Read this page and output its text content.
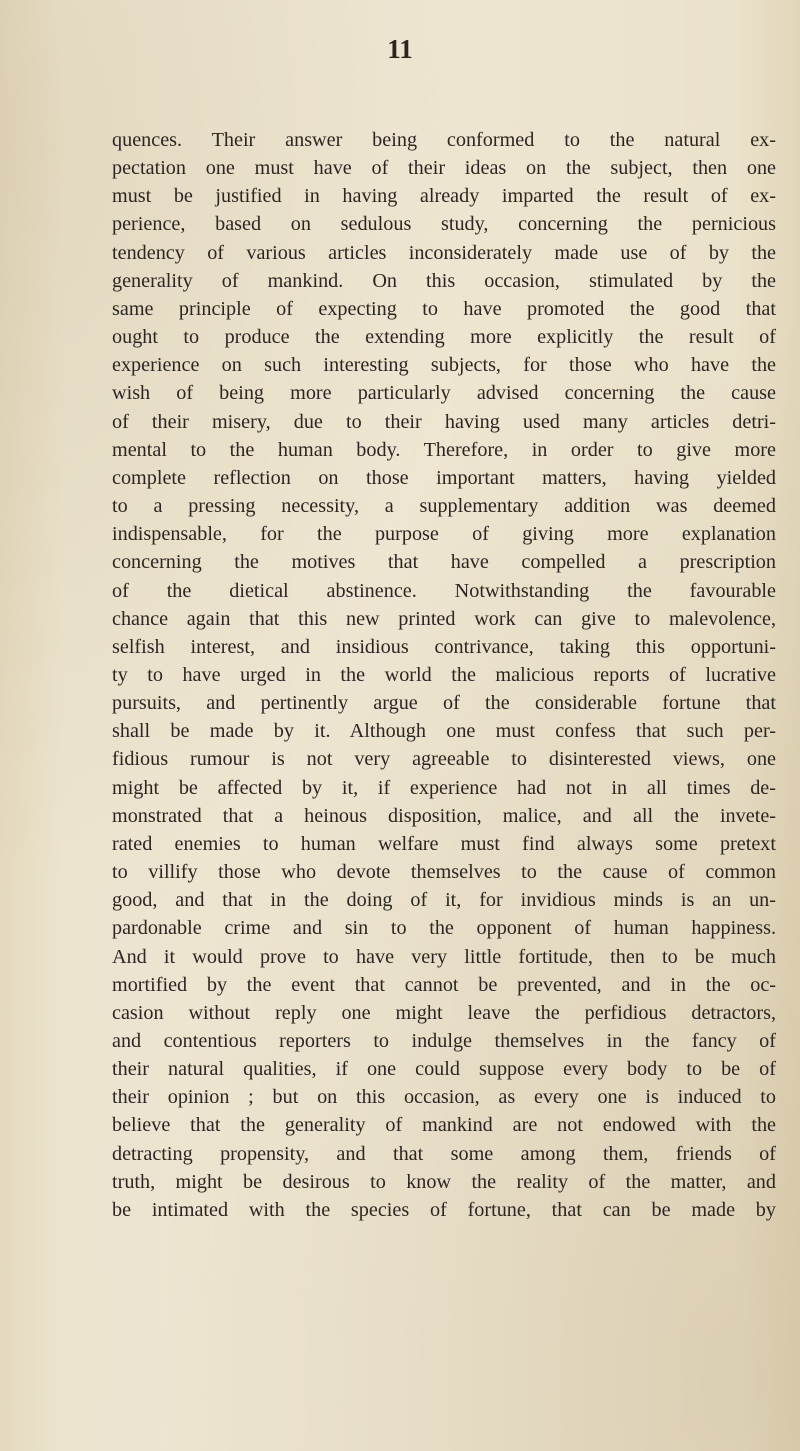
11
quences. Their answer being conformed to the natural ex-
pectation one must have of their ideas on the subject, then one
must be justified in having already imparted the result of ex-
perience, based on sedulous study, concerning the pernicious
tendency of various articles inconsiderately made use of by the
generality of mankind. On this occasion, stimulated by the
same principle of expecting to have promoted the good that
ought to produce the extending more explicitly the result of
experience on such interesting subjects, for those who have the
wish of being more particularly advised concerning the cause
of their misery, due to their having used many articles detri-
mental to the human body. Therefore, in order to give more
complete reflection on those important matters, having yielded
to a pressing necessity, a supplementary addition was deemed
indispensable, for the purpose of giving more explanation
concerning the motives that have compelled a prescription
of the dietical abstinence. Notwithstanding the favourable
chance again that this new printed work can give to malevolence,
selfish interest, and insidious contrivance, taking this opportuni-
ty to have urged in the world the malicious reports of lucrative
pursuits, and pertinently argue of the considerable fortune that
shall be made by it. Although one must confess that such per-
fidious rumour is not very agreeable to disinterested views, one
might be affected by it, if experience had not in all times de-
monstrated that a heinous disposition, malice, and all the invete-
rated enemies to human welfare must find always some pretext
to villify those who devote themselves to the cause of common
good, and that in the doing of it, for invidious minds is an un-
pardonable crime and sin to the opponent of human happiness.
And it would prove to have very little fortitude, then to be much
mortified by the event that cannot be prevented, and in the oc-
casion without reply one might leave the perfidious detractors,
and contentious reporters to indulge themselves in the fancy of
their natural qualities, if one could suppose every body to be of
their opinion ; but on this occasion, as every one is induced to
believe that the generality of mankind are not endowed with the
detracting propensity, and that some among them, friends of
truth, might be desirous to know the reality of the matter, and
be intimated with the species of fortune, that can be made by
